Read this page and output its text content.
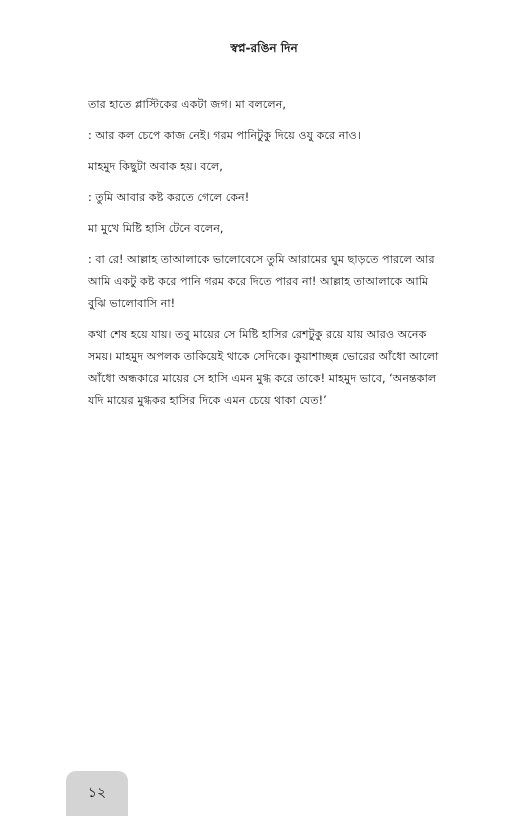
স্বপ্ন-রঙিন দিন

তার হাতে প্লাস্টিকের একটা জগ। মা বললেন,

: আর কল চেপে কাজ নেই। গরম পানিটুকু দিয়ে ওযু করে নাও।

মাহমুদ কিছুটা অবাক হয়। বলে,

: তুমি আবার কষ্ট করতে গেলে কেন!

মা মুখে মিষ্টি হাসি টেনে বলেন,

: বা রে! আল্লাহ তাআলাকে ভালোবেসে তুমি আরামের ঘুম ছাড়তে পারলে আর
আমি একটু কষ্ট করে পানি গরম করে দিতে পারব না! আল্লাহ তাআলাকে আমি
বুঝি ভালোবাসি না!

কথা শেষ হয়ে যায়। তবু মায়ের সে মিষ্টি হাসির রেশটুকু রয়ে যায় আরও অনেক
সময়। মাহমুদ অপলক তাকিয়েই থাকে সেদিকে। কুয়াশাচ্ছন্ন ভোরের আঁধো আলো
আঁধো অন্ধকারে মায়ের সে হাসি এমন মুগ্ধ করে তাকে! মাহমুদ ভাবে, ‘অনন্তকাল
যদি মায়ের মুগ্ধকর হাসির দিকে এমন চেয়ে থাকা যেত!’

১২
